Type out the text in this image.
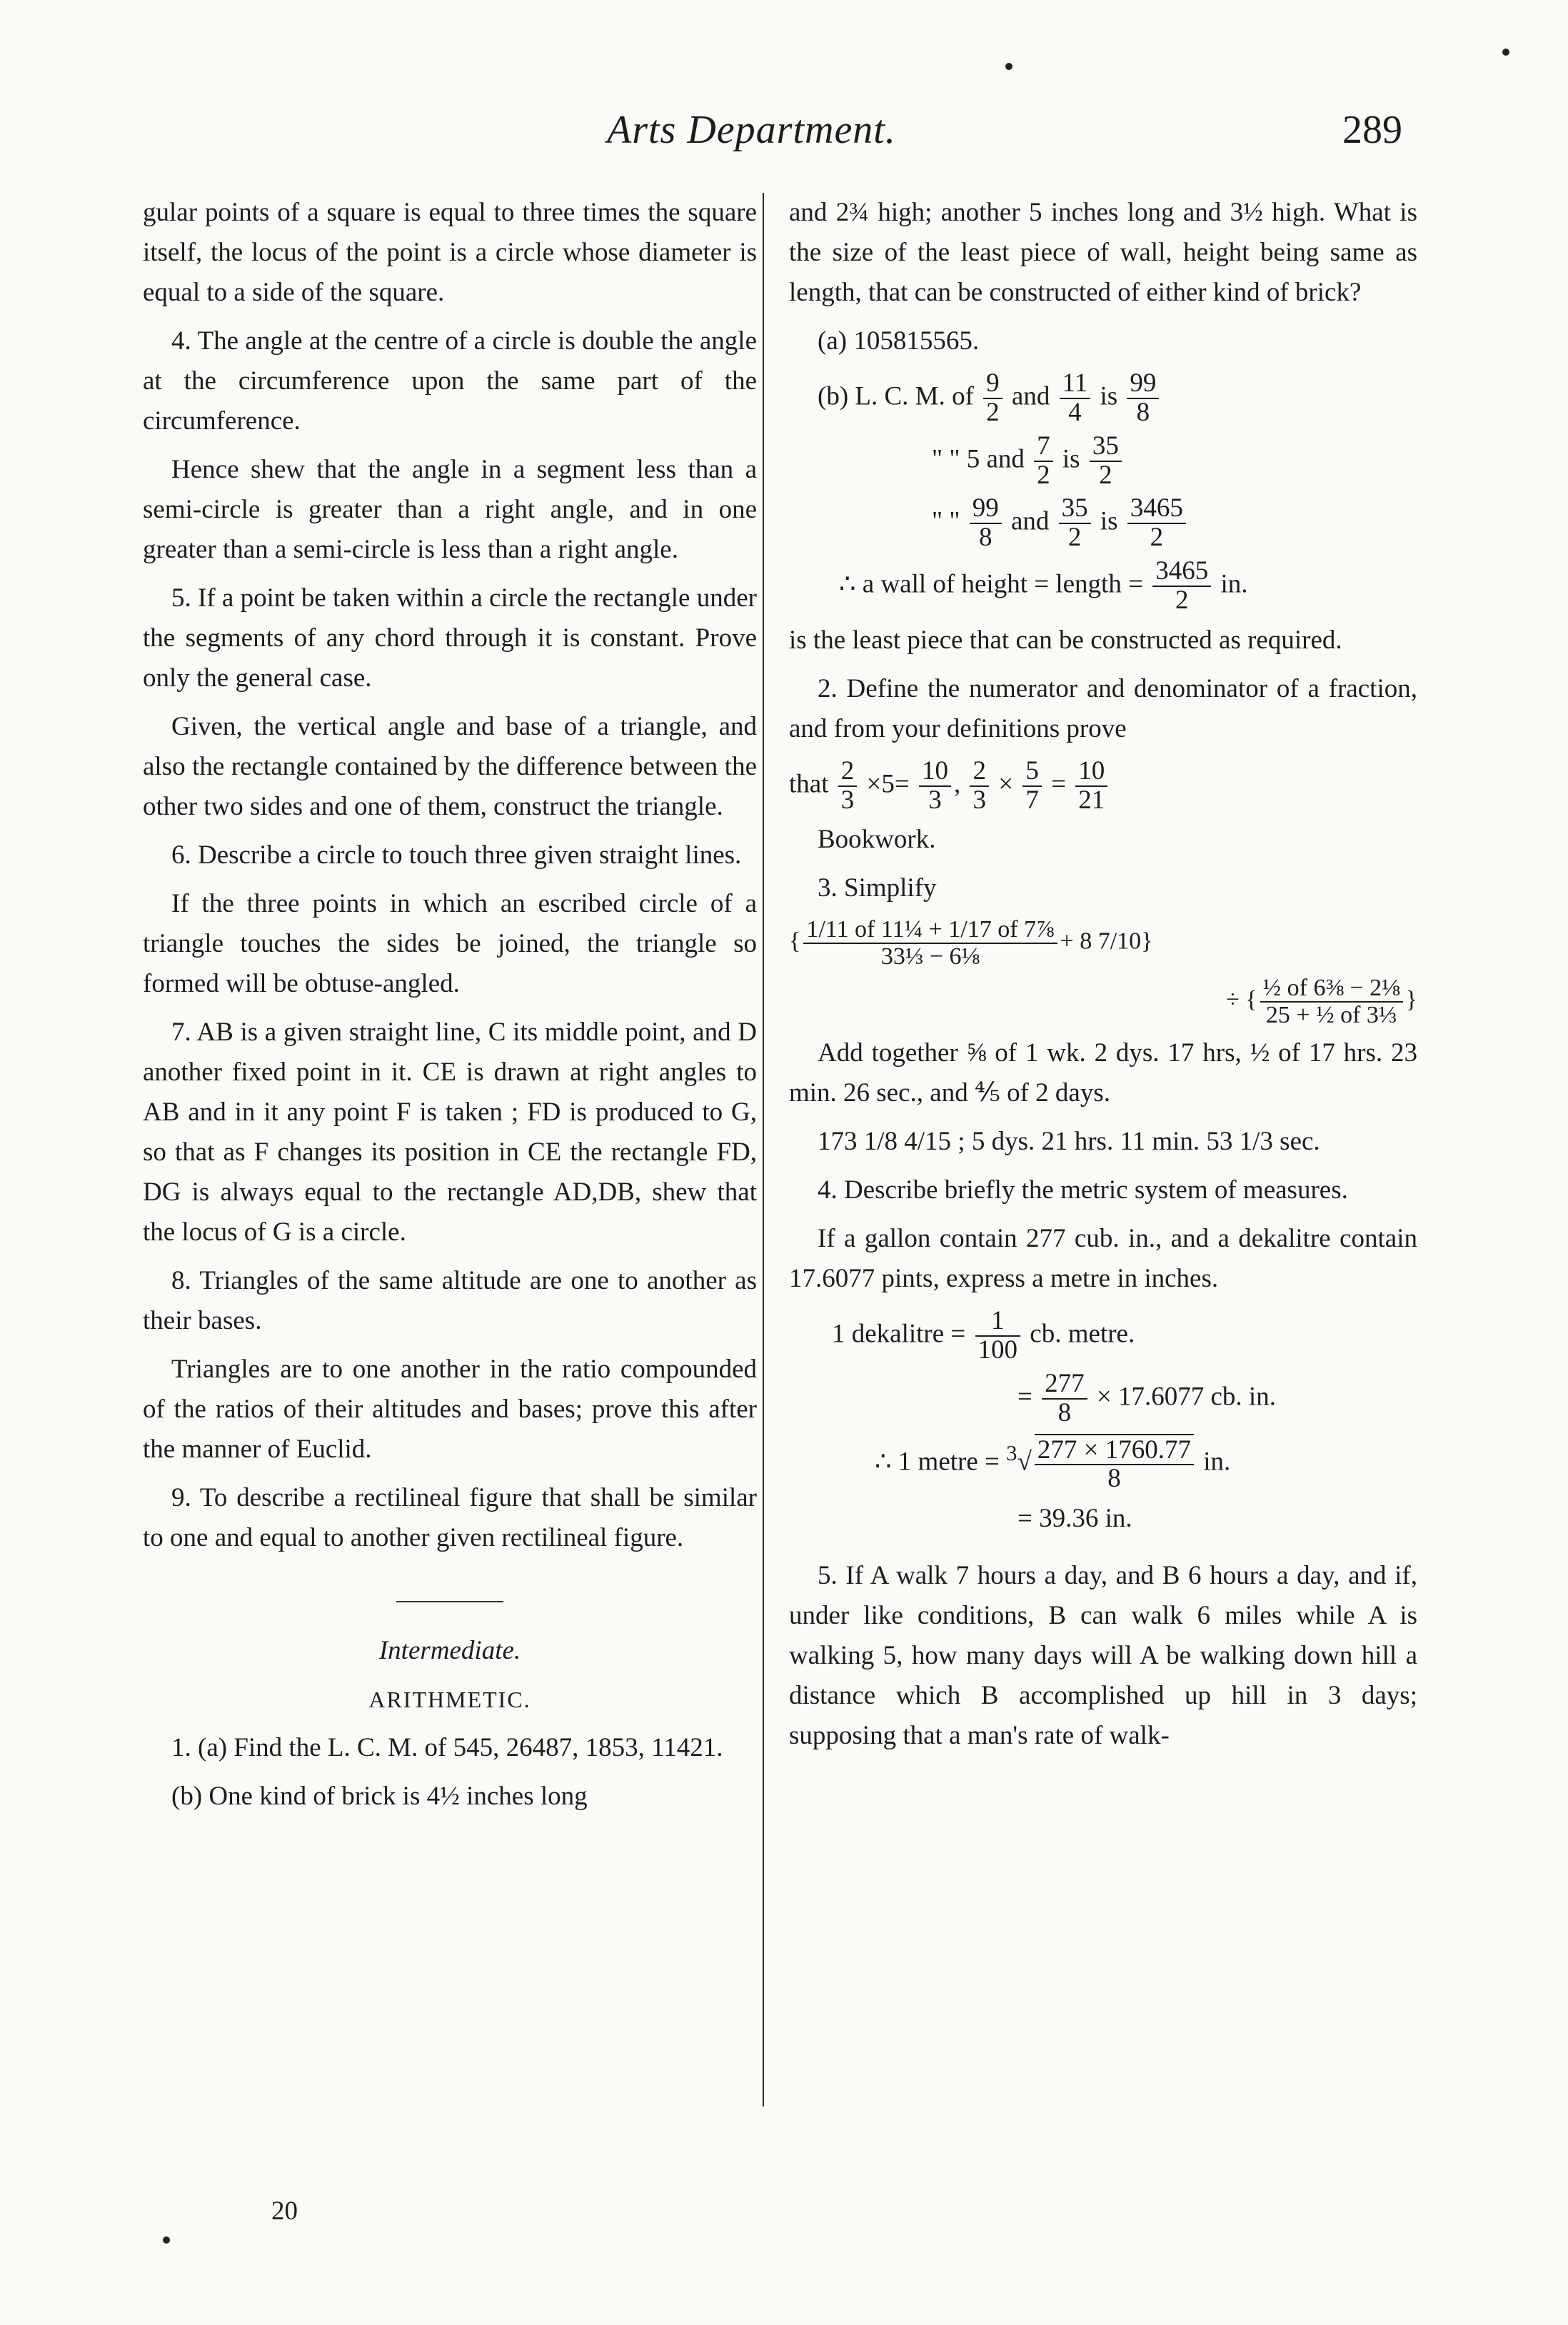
Arts Department.	289

gular points of a square is equal to three times the square itself, the locus of the point is a circle whose diameter is equal to a side of the square.

4. The angle at the centre of a circle is double the angle at the circumference upon the same part of the circumference.

Hence shew that the angle in a segment less than a semi-circle is greater than a right angle, and in one greater than a semi-circle is less than a right angle.

5. If a point be taken within a circle the rectangle under the segments of any chord through it is constant. Prove only the general case.

Given, the vertical angle and base of a triangle, and also the rectangle contained by the difference between the other two sides and one of them, construct the triangle.

6. Describe a circle to touch three given straight lines.

If the three points in which an escribed circle of a triangle touches the sides be joined, the triangle so formed will be obtuse-angled.

7. AB is a given straight line, C its middle point, and D another fixed point in it. CE is drawn at right angles to AB and in it any point F is taken ; FD is produced to G, so that as F changes its position in CE the rectangle FD, DG is always equal to the rectangle AD,DB, shew that the locus of G is a circle.

8. Triangles of the same altitude are one to another as their bases.

Triangles are to one another in the ratio compounded of the ratios of their altitudes and bases; prove this after the manner of Euclid.

9. To describe a rectilineal figure that shall be similar to one and equal to another given rectilineal figure.

Intermediate.

ARITHMETIC.

1. (a) Find the L. C. M. of 545, 26487, 1853, 11421.

(b) One kind of brick is 4½ inches long

20

and 2¾ high; another 5 inches long and 3½ high. What is the size of the least piece of wall, height being same as length, that can be constructed of either kind of brick?

(a) 105815565.

(b) L. C. M. of $\frac{9}{2}$ and $\frac{11}{4}$ is $\frac{99}{8}$

" " 5 and $\frac{7}{2}$ is $\frac{35}{2}$

" " $\frac{99}{8}$ and $\frac{35}{2}$ is $\frac{3465}{2}$

∴ a wall of height = length = $\frac{3465}{2}$ in.

is the least piece that can be constructed as required.

2. Define the numerator and denominator of a fraction, and from your definitions prove

that $\frac{2}{3} \times 5= \frac{10}{3}$ , $\frac{2}{3} \times \frac{5}{7} = \frac{10}{21}$

Bookwork.

3. Simplify

{ $\frac{\text{1/11 of 11¼ + 1/17 of 7⅞}}{\text{33⅓ − 6⅛}} + 8$ 7/10}

÷ { $\frac{\text{½ of 6⅜ − 2⅛}}{\text{25 + ½ of 3⅓}}$ }

Add together ⅝ of 1 wk. 2 dys. 17 hrs, ½ of 17 hrs. 23 min. 26 sec., and ⅘ of 2 days.

173 1/8 4/15 ; 5 dys. 21 hrs. 11 min. 53 1/3 sec.

4. Describe briefly the metric system of measures.

If a gallon contain 277 cub. in., and a dekalitre contain 17.6077 pints, express a metre in inches.

1 dekalitre = $\frac{1}{100}$ cb. metre.

= $\frac{277}{8} \times 17.6077$ cb. in.

∴ 1 metre = $^3√ \frac{277 \times 1760.77}{8}$ in.

= 39.36 in.

5. If A walk 7 hours a day, and B 6 hours a day, and if, under like conditions, B can walk 6 miles while A is walking 5, how many days will A be walking down hill a distance which B accomplished up hill in 3 days; supposing that a man's rate of walk-
